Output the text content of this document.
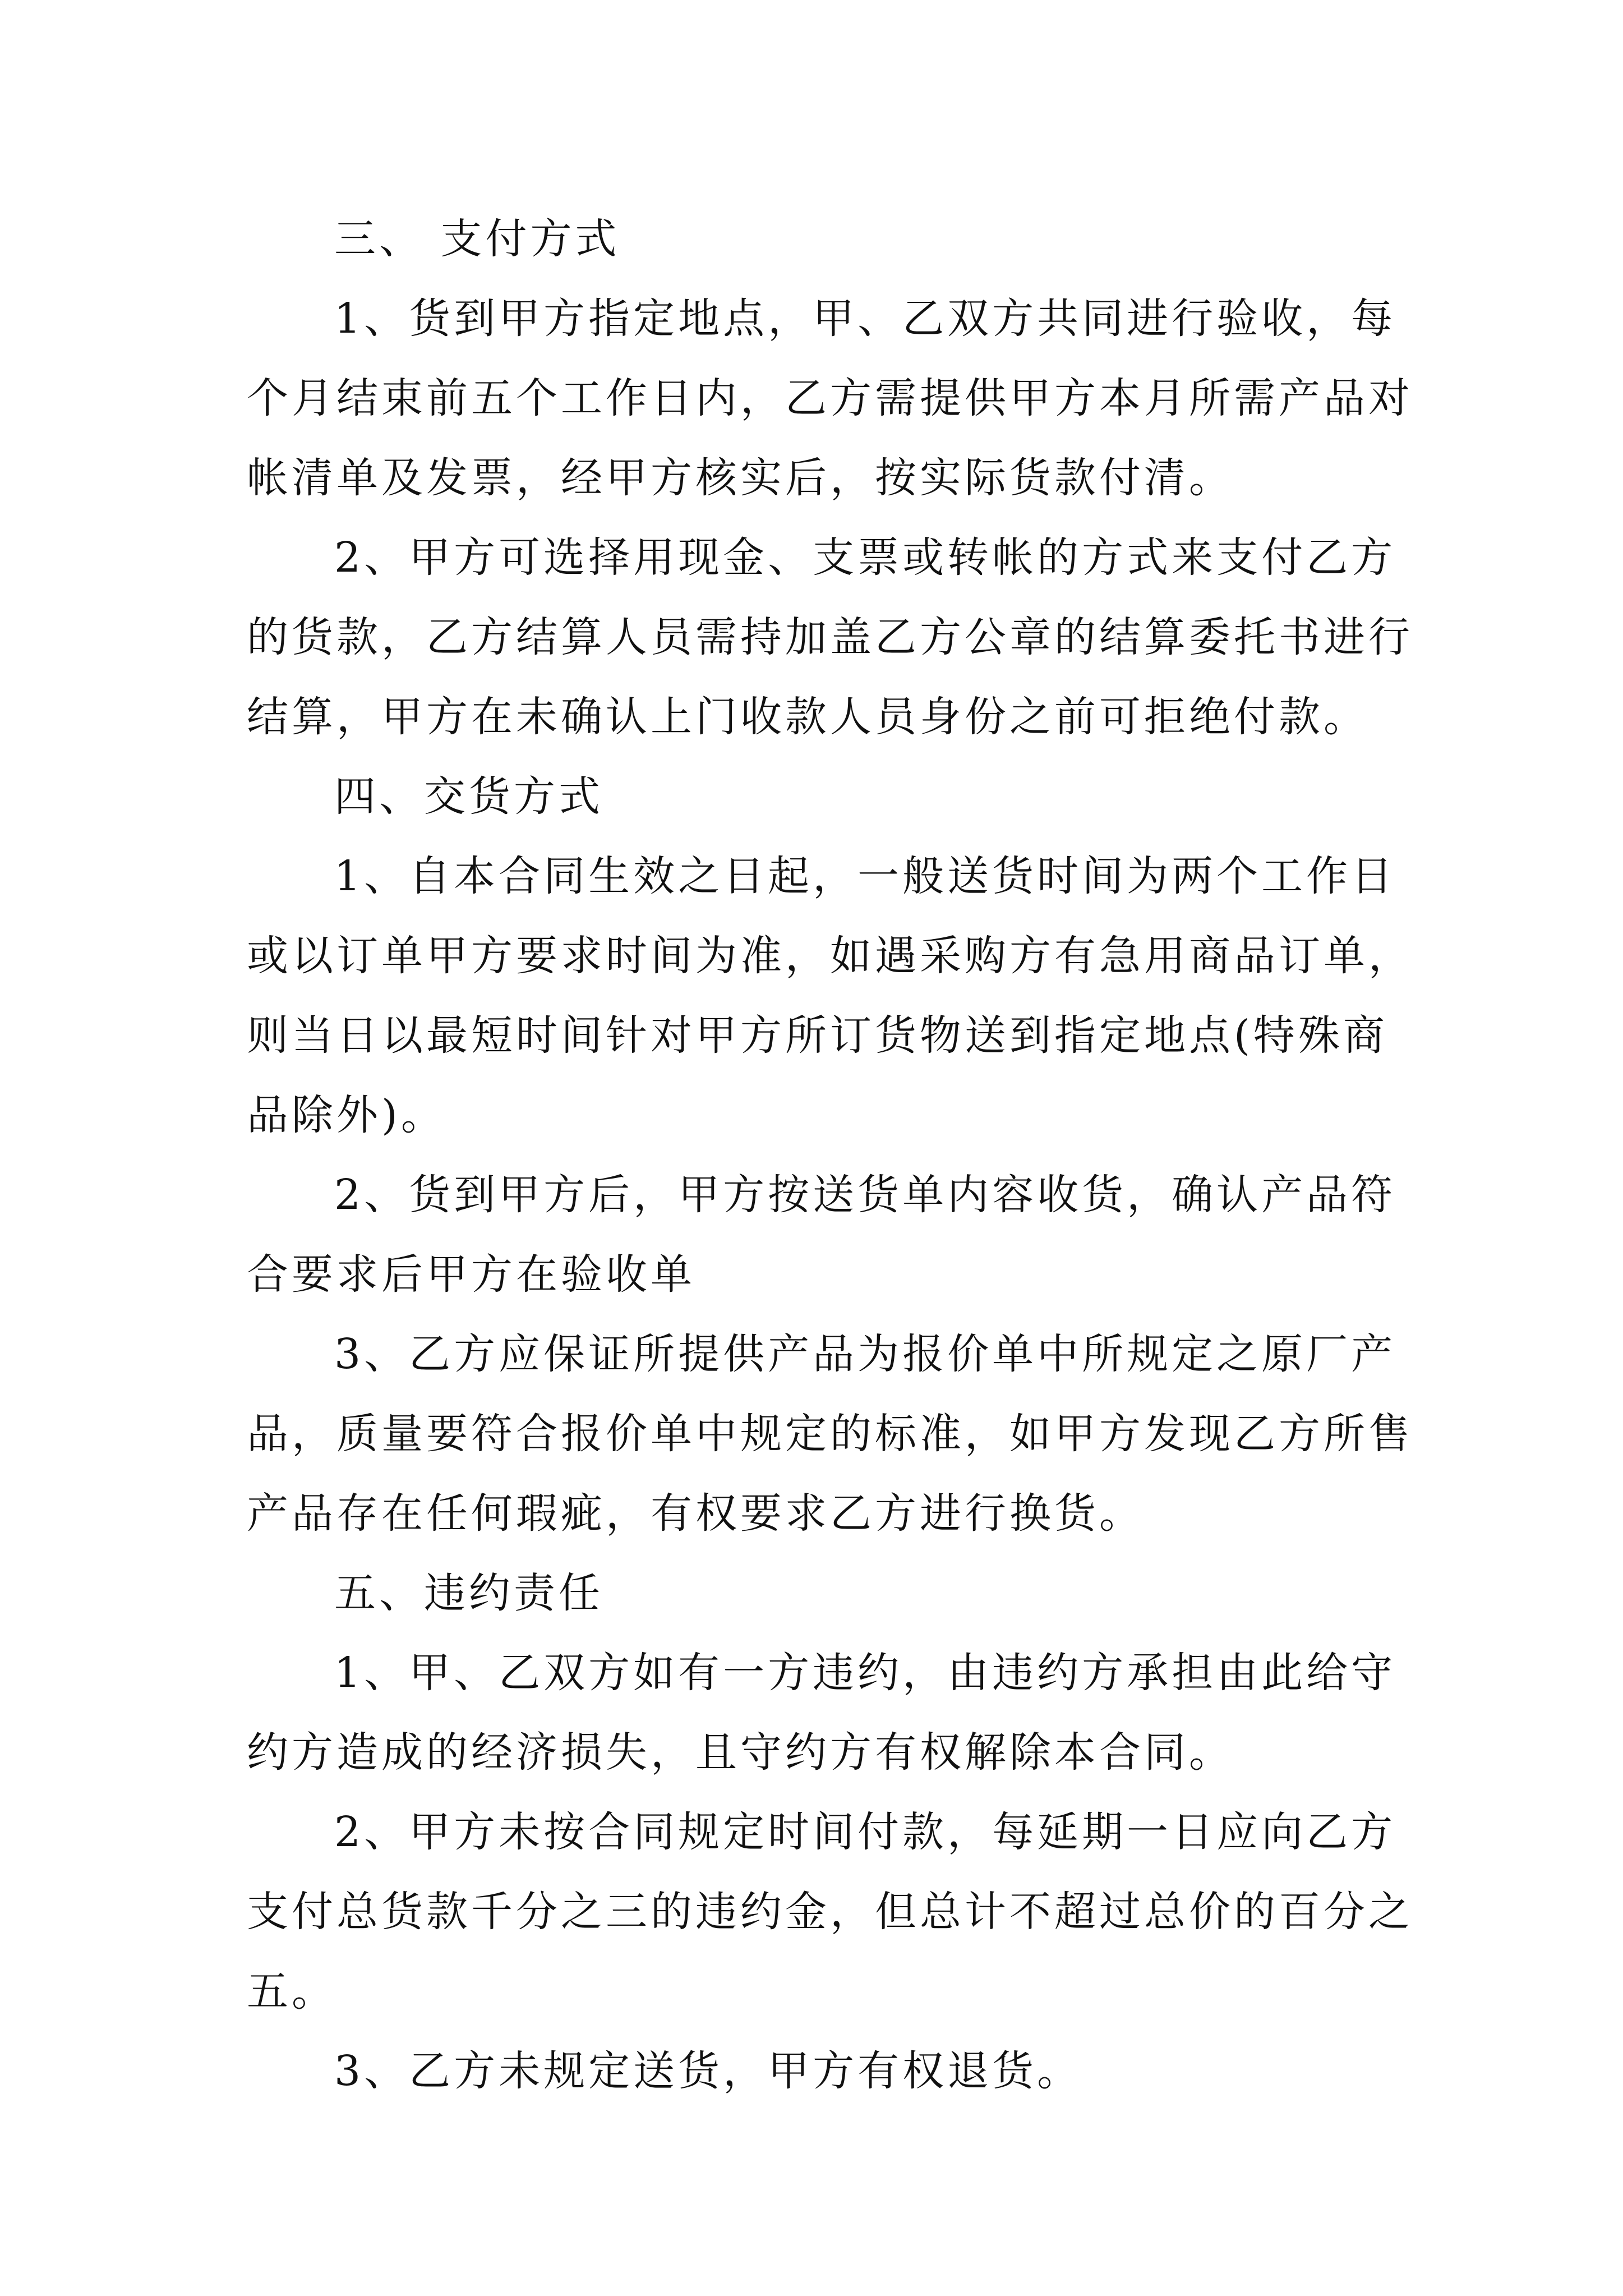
三、 支付方式
1、货到甲方指定地点，甲、乙双方共同进行验收，每
个月结束前五个工作日内，乙方需提供甲方本月所需产品对
帐清单及发票，经甲方核实后，按实际货款付清。
2、甲方可选择用现金、支票或转帐的方式来支付乙方
的货款，乙方结算人员需持加盖乙方公章的结算委托书进行
结算，甲方在未确认上门收款人员身份之前可拒绝付款。
四、交货方式
1、自本合同生效之日起，一般送货时间为两个工作日
或以订单甲方要求时间为准，如遇采购方有急用商品订单，
则当日以最短时间针对甲方所订货物送到指定地点(特殊商
品除外)。
2、货到甲方后，甲方按送货单内容收货，确认产品符
合要求后甲方在验收单
3、乙方应保证所提供产品为报价单中所规定之原厂产
品，质量要符合报价单中规定的标准，如甲方发现乙方所售
产品存在任何瑕疵，有权要求乙方进行换货。
五、违约责任
1、甲、乙双方如有一方违约，由违约方承担由此给守
约方造成的经济损失，且守约方有权解除本合同。
2、甲方未按合同规定时间付款，每延期一日应向乙方
支付总货款千分之三的违约金，但总计不超过总价的百分之
五。
3、乙方未规定送货，甲方有权退货。
